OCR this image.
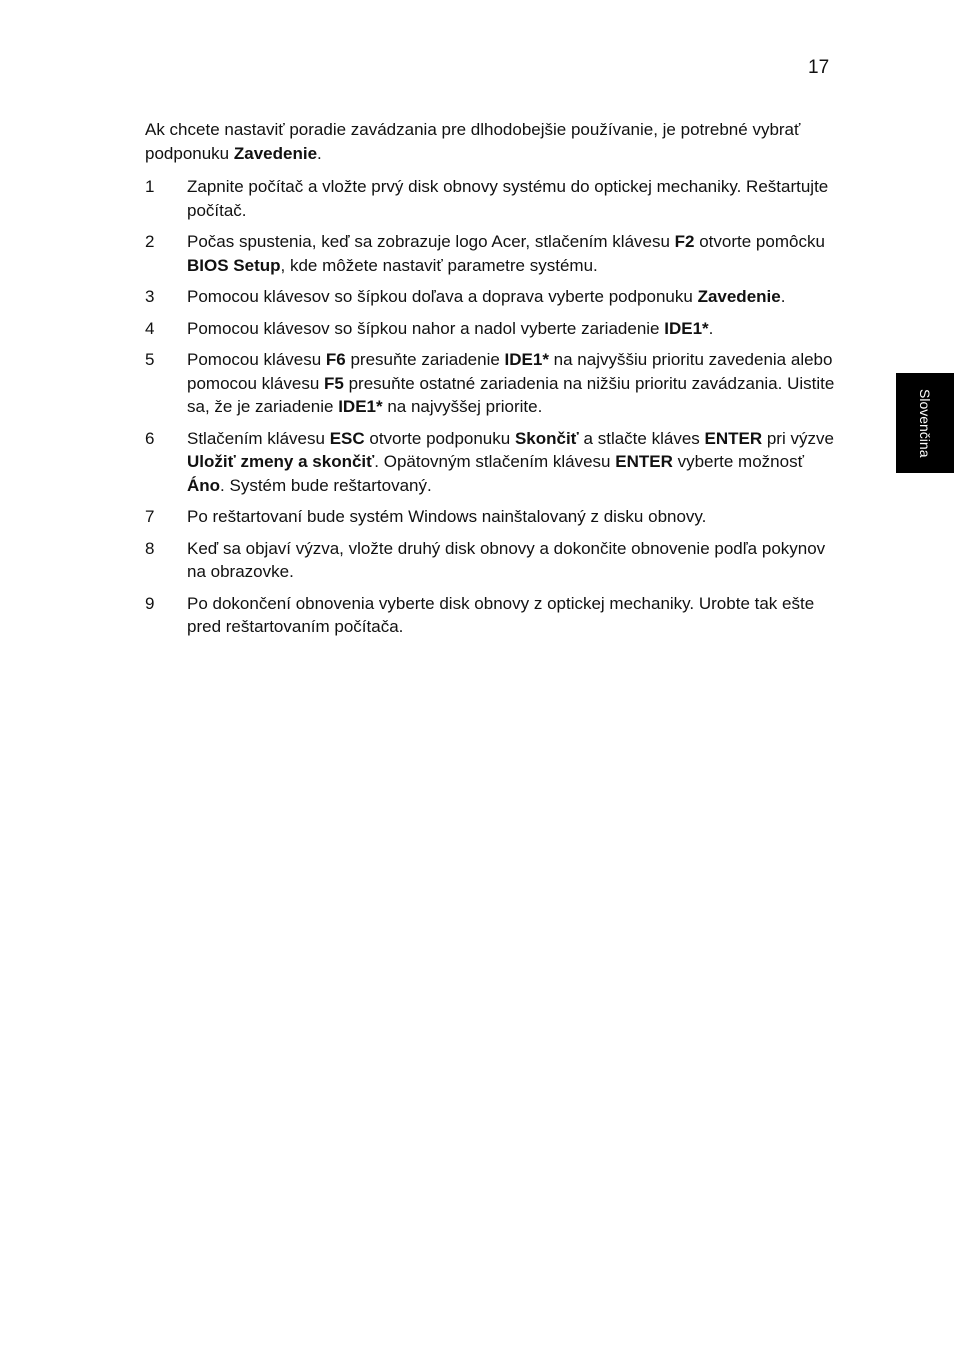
17

Ak chcete nastaviť poradie zavádzania pre dlhodobejšie používanie, je potrebné vybrať podponuku Zavedenie.

1 Zapnite počítač a vložte prvý disk obnovy systému do optickej mechaniky. Reštartujte počítač.
2 Počas spustenia, keď sa zobrazuje logo Acer, stlačením klávesu F2 otvorte pomôcku BIOS Setup, kde môžete nastaviť parametre systému.
3 Pomocou klávesov so šípkou doľava a doprava vyberte podponuku Zavedenie.
4 Pomocou klávesov so šípkou nahor a nadol vyberte zariadenie IDE1*.
5 Pomocou klávesu F6 presuňte zariadenie IDE1* na najvyššiu prioritu zavedenia alebo pomocou klávesu F5 presuňte ostatné zariadenia na nižšiu prioritu zavádzania. Uistite sa, že je zariadenie IDE1* na najvyššej priorite.
6 Stlačením klávesu ESC otvorte podponuku Skončiť a stlačte kláves ENTER pri výzve Uložiť zmeny a skončiť. Opätovným stlačením klávesu ENTER vyberte možnosť Áno. Systém bude reštartovaný.
7 Po reštartovaní bude systém Windows nainštalovaný z disku obnovy.
8 Keď sa objaví výzva, vložte druhý disk obnovy a dokončite obnovenie podľa pokynov na obrazovke.
9 Po dokončení obnovenia vyberte disk obnovy z optickej mechaniky. Urobte tak ešte pred reštartovaním počítača.
Slovenčina
